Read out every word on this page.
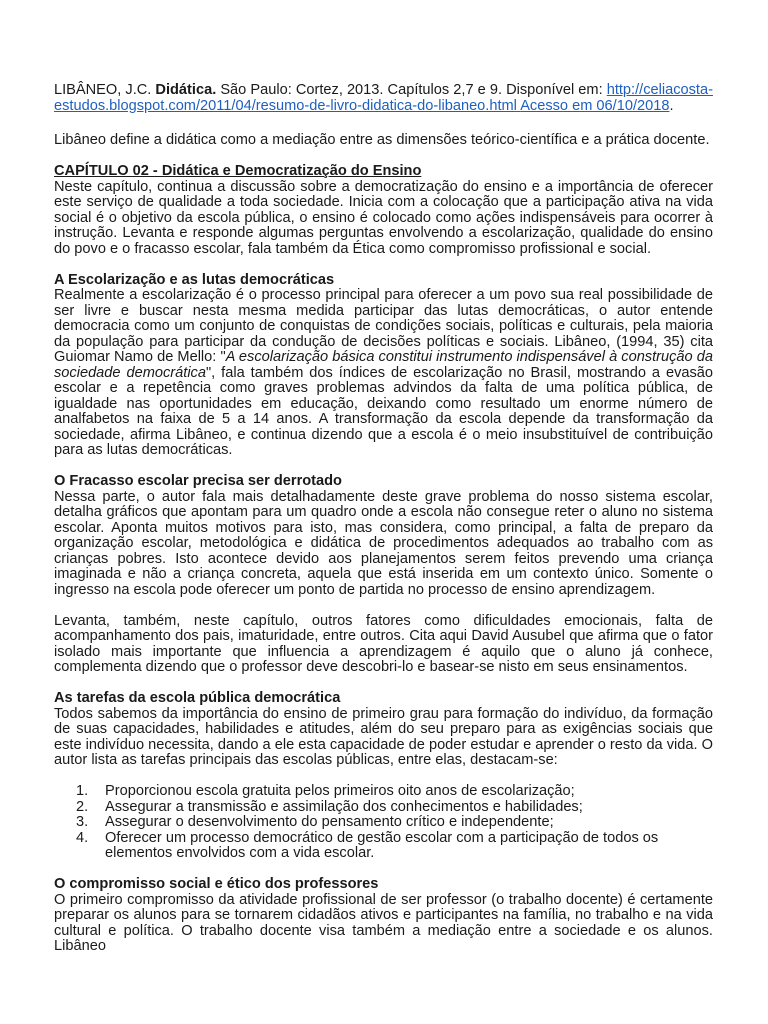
LIBÂNEO, J.C. Didática. São Paulo: Cortez, 2013. Capítulos 2,7 e 9. Disponível em: http://celiacosta-estudos.blogspot.com/2011/04/resumo-de-livro-didatica-do-libaneo.html Acesso em 06/10/2018.

Libâneo define a didática como a mediação entre as dimensões teórico-científica e a prática docente.

CAPÍTULO 02 - Didática e Democratização do Ensino

Neste capítulo, continua a discussão sobre a democratização do ensino e a importância de oferecer este serviço de qualidade a toda sociedade. Inicia com a colocação que a participação ativa na vida social é o objetivo da escola pública, o ensino é colocado como ações indispensáveis para ocorrer à instrução. Levanta e responde algumas perguntas envolvendo a escolarização, qualidade do ensino do povo e o fracasso escolar, fala também da Ética como compromisso profissional e social.

A Escolarização e as lutas democráticas

Realmente a escolarização é o processo principal para oferecer a um povo sua real possibilidade de ser livre e buscar nesta mesma medida participar das lutas democráticas, o autor entende democracia como um conjunto de conquistas de condições sociais, políticas e culturais, pela maioria da população para participar da condução de decisões políticas e sociais. Libâneo, (1994, 35) cita Guiomar Namo de Mello: "A escolarização básica constitui instrumento indispensável à construção da sociedade democrática", fala também dos índices de escolarização no Brasil, mostrando a evasão escolar e a repetência como graves problemas advindos da falta de uma política pública, de igualdade nas oportunidades em educação, deixando como resultado um enorme número de analfabetos na faixa de 5 a 14 anos. A transformação da escola depende da transformação da sociedade, afirma Libâneo, e continua dizendo que a escola é o meio insubstituível de contribuição para as lutas democráticas.

O Fracasso escolar precisa ser derrotado

Nessa parte, o autor fala mais detalhadamente deste grave problema do nosso sistema escolar, detalha gráficos que apontam para um quadro onde a escola não consegue reter o aluno no sistema escolar. Aponta muitos motivos para isto, mas considera, como principal, a falta de preparo da organização escolar, metodológica e didática de procedimentos adequados ao trabalho com as crianças pobres. Isto acontece devido aos planejamentos serem feitos prevendo uma criança imaginada e não a criança concreta, aquela que está inserida em um contexto único. Somente o ingresso na escola pode oferecer um ponto de partida no processo de ensino aprendizagem.

Levanta, também, neste capítulo, outros fatores como dificuldades emocionais, falta de acompanhamento dos pais, imaturidade, entre outros. Cita aqui David Ausubel que afirma que o fator isolado mais importante que influencia a aprendizagem é aquilo que o aluno já conhece, complementa dizendo que o professor deve descobri-lo e basear-se nisto em seus ensinamentos.

As tarefas da escola pública democrática

Todos sabemos da importância do ensino de primeiro grau para formação do indivíduo, da formação de suas capacidades, habilidades e atitudes, além do seu preparo para as exigências sociais que este indivíduo necessita, dando a ele esta capacidade de poder estudar e aprender o resto da vida. O autor lista as tarefas principais das escolas públicas, entre elas, destacam-se:

1. Proporcionou escola gratuita pelos primeiros oito anos de escolarização;
2. Assegurar a transmissão e assimilação dos conhecimentos e habilidades;
3. Assegurar o desenvolvimento do pensamento crítico e independente;
4. Oferecer um processo democrático de gestão escolar com a participação de todos os elementos envolvidos com a vida escolar.
O compromisso social e ético dos professores

O primeiro compromisso da atividade profissional de ser professor (o trabalho docente) é certamente preparar os alunos para se tornarem cidadãos ativos e participantes na família, no trabalho e na vida cultural e política. O trabalho docente visa também a mediação entre a sociedade e os alunos. Libâneo
